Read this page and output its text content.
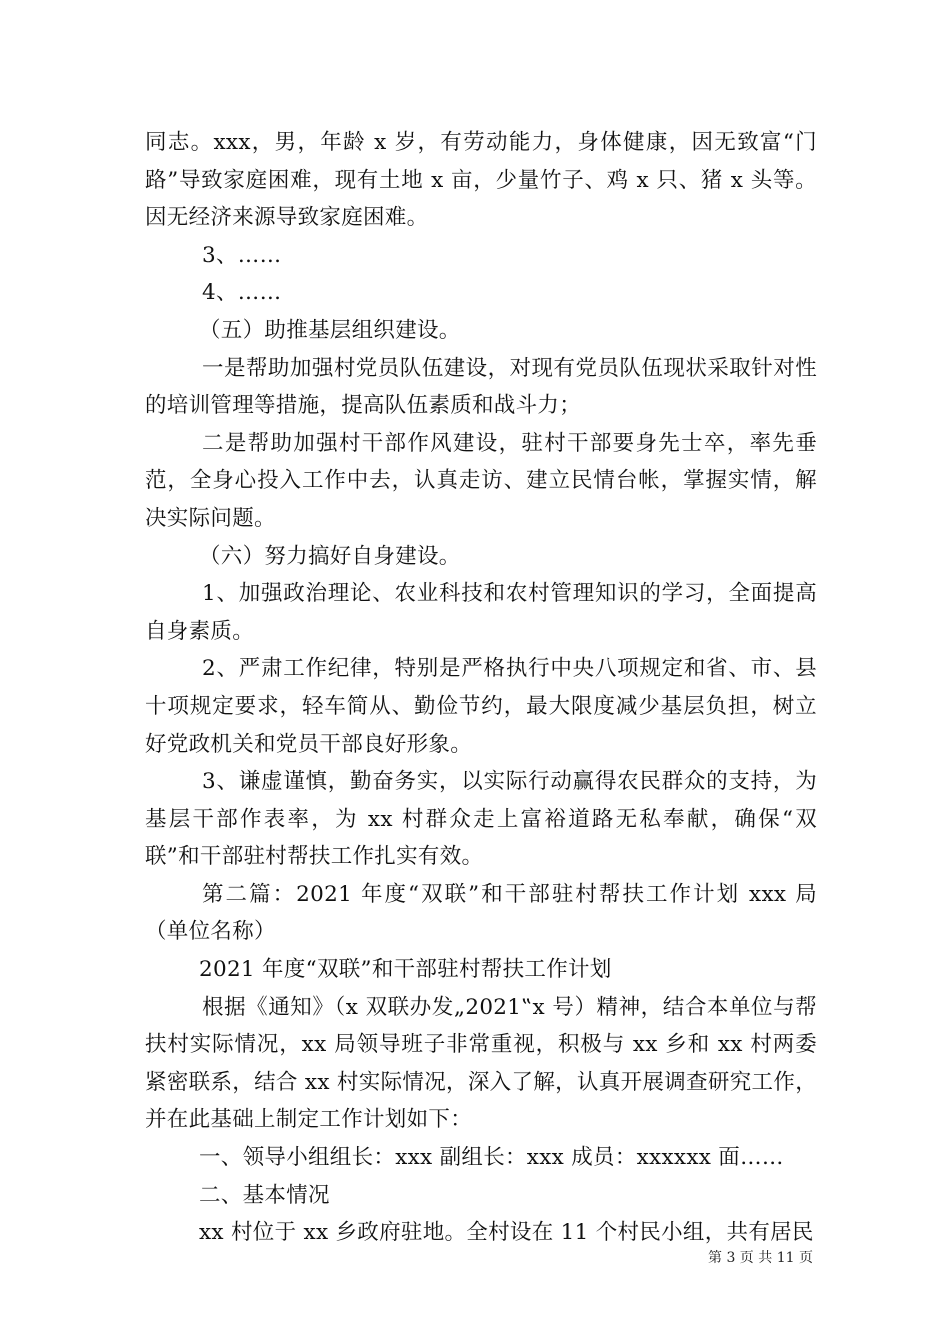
同志。xxx，男，年龄 x 岁，有劳动能力，身体健康，因无致富“门路”导致家庭困难，现有土地 x 亩，少量竹子、鸡 x 只、猪 x 头等。因无经济来源导致家庭困难。

3、……

4、……

（五）助推基层组织建设。

一是帮助加强村党员队伍建设，对现有党员队伍现状采取针对性的培训管理等措施，提高队伍素质和战斗力；

二是帮助加强村干部作风建设，驻村干部要身先士卒，率先垂范，全身心投入工作中去，认真走访、建立民情台帐，掌握实情，解决实际问题。

（六）努力搞好自身建设。

1、加强政治理论、农业科技和农村管理知识的学习，全面提高自身素质。

2、严肃工作纪律，特别是严格执行中央八项规定和省、市、县十项规定要求，轻车简从、勤俭节约，最大限度减少基层负担，树立好党政机关和党员干部良好形象。

3、谦虚谨慎，勤奋务实，以实际行动赢得农民群众的支持，为基层干部作表率，为 xx 村群众走上富裕道路无私奉献，确保“双联”和干部驻村帮扶工作扎实有效。

第二篇：2021 年度“双联”和干部驻村帮扶工作计划 xxx 局（单位名称）

2021 年度“双联”和干部驻村帮扶工作计划

根据《通知》（x 双联办发„2021‟x 号）精神，结合本单位与帮扶村实际情况，xx 局领导班子非常重视，积极与 xx 乡和 xx 村两委紧密联系，结合 xx 村实际情况，深入了解，认真开展调查研究工作，并在此基础上制定工作计划如下：

一、领导小组组长：xxx 副组长：xxx 成员：xxxxxx 面……

二、基本情况

xx 村位于 xx 乡政府驻地。全村设在 11 个村民小组，共有居民

第 3 页 共 11 页
